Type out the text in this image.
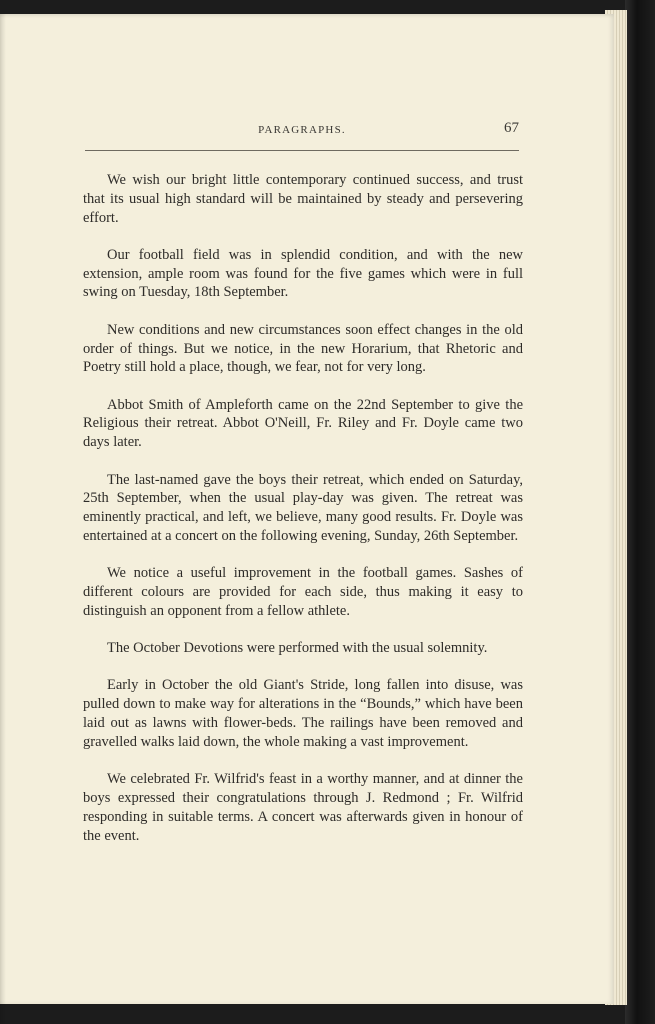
PARAGRAPHS.	67

We wish our bright little contemporary continued success, and trust that its usual high standard will be maintained by steady and persevering effort.

Our football field was in splendid condition, and with the new extension, ample room was found for the five games which were in full swing on Tuesday, 18th September.

New conditions and new circumstances soon effect changes in the old order of things. But we notice, in the new Horarium, that Rhetoric and Poetry still hold a place, though, we fear, not for very long.

Abbot Smith of Ampleforth came on the 22nd September to give the Religious their retreat. Abbot O'Neill, Fr. Riley and Fr. Doyle came two days later.

The last-named gave the boys their retreat, which ended on Saturday, 25th September, when the usual play-day was given. The retreat was eminently practical, and left, we believe, many good results. Fr. Doyle was entertained at a concert on the following evening, Sunday, 26th September.

We notice a useful improvement in the football games. Sashes of different colours are provided for each side, thus making it easy to distinguish an opponent from a fellow athlete.

The October Devotions were performed with the usual solemnity.

Early in October the old Giant's Stride, long fallen into disuse, was pulled down to make way for alterations in the “Bounds,” which have been laid out as lawns with flower-beds. The railings have been removed and gravelled walks laid down, the whole making a vast improvement.

We celebrated Fr. Wilfrid's feast in a worthy manner, and at dinner the boys expressed their congratulations through J. Redmond ; Fr. Wilfrid responding in suitable terms. A concert was afterwards given in honour of the event.
